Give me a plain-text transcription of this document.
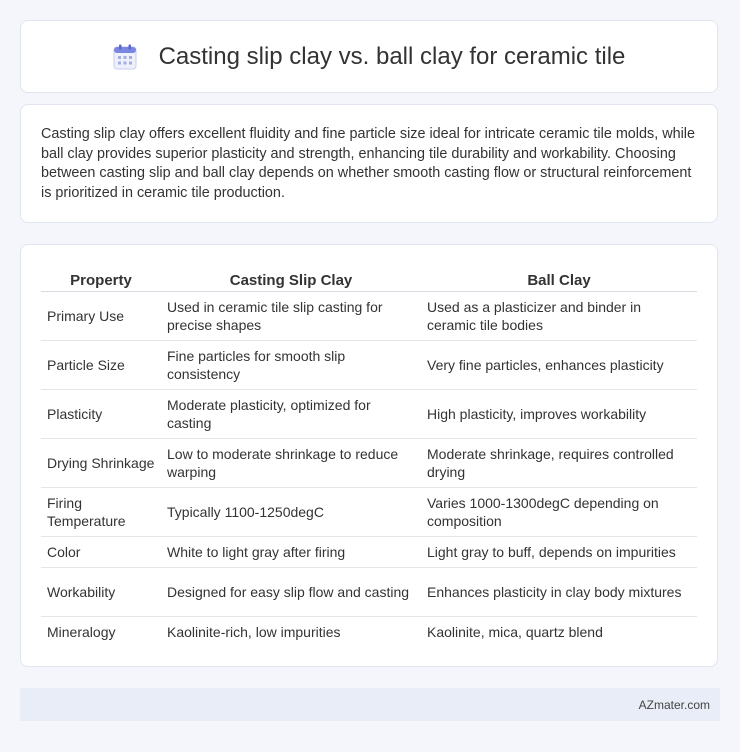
Casting slip clay vs. ball clay for ceramic tile

Casting slip clay offers excellent fluidity and fine particle size ideal for intricate ceramic tile molds, while ball clay provides superior plasticity and strength, enhancing tile durability and workability. Choosing between casting slip and ball clay depends on whether smooth casting flow or structural reinforcement is prioritized in ceramic tile production.

Property	Casting Slip Clay	Ball Clay
Primary Use	Used in ceramic tile slip casting for precise shapes	Used as a plasticizer and binder in ceramic tile bodies
Particle Size	Fine particles for smooth slip consistency	Very fine particles, enhances plasticity
Plasticity	Moderate plasticity, optimized for casting	High plasticity, improves workability
Drying Shrinkage	Low to moderate shrinkage to reduce warping	Moderate shrinkage, requires controlled drying
Firing Temperature	Typically 1100-1250degC	Varies 1000-1300degC depending on composition
Color	White to light gray after firing	Light gray to buff, depends on impurities
Workability	Designed for easy slip flow and casting	Enhances plasticity in clay body mixtures
Mineralogy	Kaolinite-rich, low impurities	Kaolinite, mica, quartz blend
AZmater.com
